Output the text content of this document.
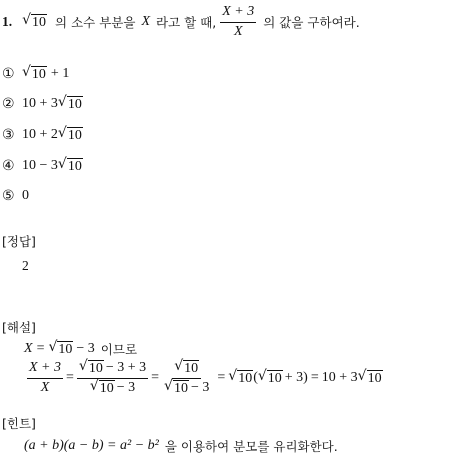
1. √ 10 의 소수 부분을 X 라고 할 때, $\frac{X + 3}{X}$ 의 값을 구하여라.
① √ 10 + 1
② 10 + 3 √ 10
③ 10 + 2 √ 10
④ 10 − 3 √ 10
⑤ 0
[정답]
2
[해설]
X = √ 10 − 3 이므로
$\frac{X + 3}{X} = \frac{√ 10 - 3 + 3}{√ 10 - 3} = \frac{√ 10}{√ 10 - 3}$ = √ 10 ( √ 10 + 3) = 10 + 3 √ 10
[힌트]
(a + b)(a − b) = a² − b² 을 이용하여 분모를 유리화한다.
